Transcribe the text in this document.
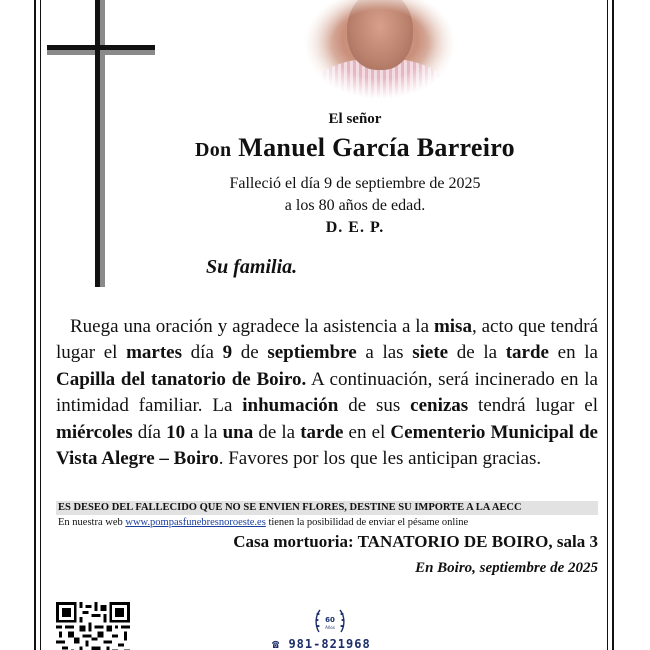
El señor
Don Manuel García Barreiro
Falleció el día 9 de septiembre de 2025
a los 80 años de edad.
D. E. P.
Su familia.
Ruega una oración y agradece la asistencia a la misa, acto que tendrá lugar el martes día 9 de septiembre a las siete de la tarde en la Capilla del tanatorio de Boiro. A continuación, será incinerado en la intimidad familiar. La inhumación de sus cenizas tendrá lugar el miércoles día 10 a la una de la tarde en el Cementerio Municipal de Vista Alegre – Boiro. Favores por los que les anticipan gracias.
ES DESEO DEL FALLECIDO QUE NO SE ENVIEN FLORES, DESTINE SU IMPORTE A LA AECC
En nuestra web www.pompasfunebresnoroeste.es tienen la posibilidad de enviar el pésame online
Casa mortuoria: TANATORIO DE BOIRO, sala 3
En Boiro, septiembre de 2025
60
Años
☎ 981-821968
